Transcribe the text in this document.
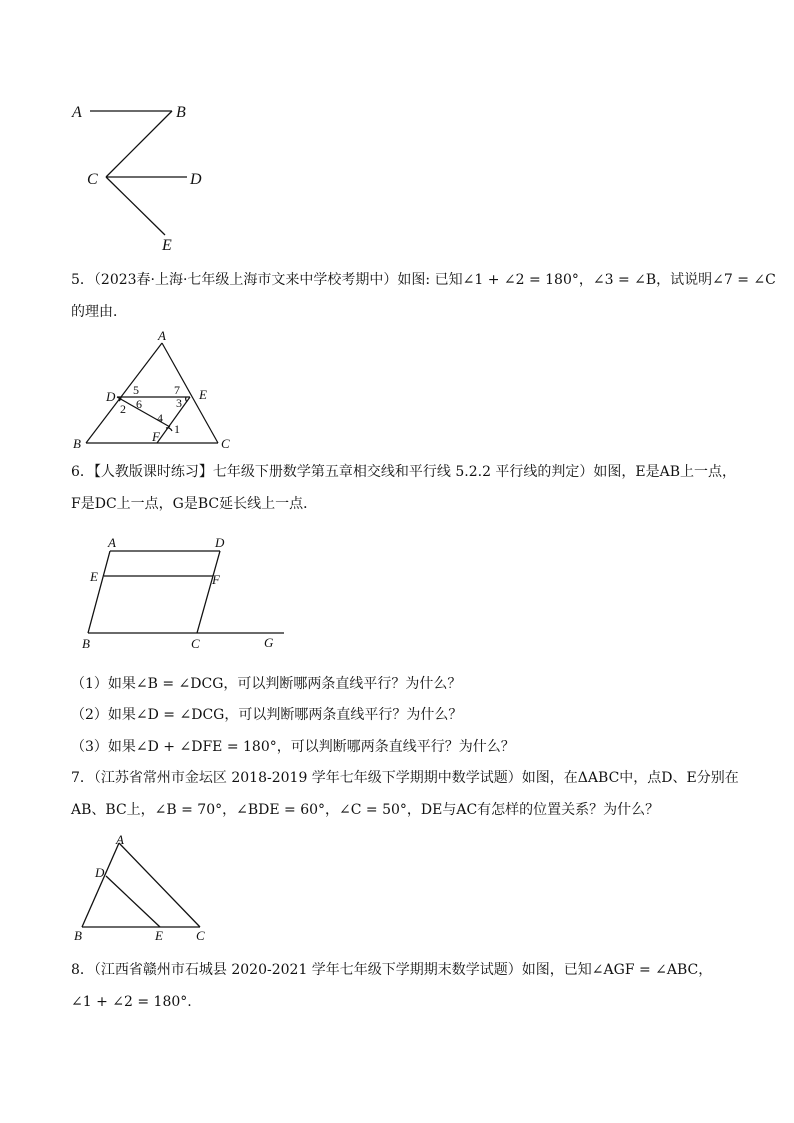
A	B
C	D
E
5．（2023春·上海·七年级上海市文来中学校考期中）如图: 已知∠1 + ∠2 = 180°，∠3 = ∠B，试说明∠7 = ∠C
的理由．
A
D	E
B	C
F
5	7
2 6	3
4
1
6．【人教版课时练习】七年级下册数学第五章相交线和平行线 5.2.2 平行线的判定）如图，E是AB上一点，
F是DC上一点，G是BC延长线上一点．
A	D
E	F
B	C	G
（1）如果∠B = ∠DCG，可以判断哪两条直线平行？为什么？
（2）如果∠D = ∠DCG，可以判断哪两条直线平行？为什么？
（3）如果∠D + ∠DFE = 180°，可以判断哪两条直线平行？为什么？
7．（江苏省常州市金坛区 2018-2019 学年七年级下学期期中数学试题）如图，在ΔABC中，点D、E分别在
AB、BC上，∠B = 70°，∠BDE = 60°，∠C = 50°，DE与AC有怎样的位置关系？为什么？
A
D
B	E	C
8．（江西省赣州市石城县 2020-2021 学年七年级下学期期末数学试题）如图，已知∠AGF = ∠ABC，
∠1 + ∠2 = 180°.
